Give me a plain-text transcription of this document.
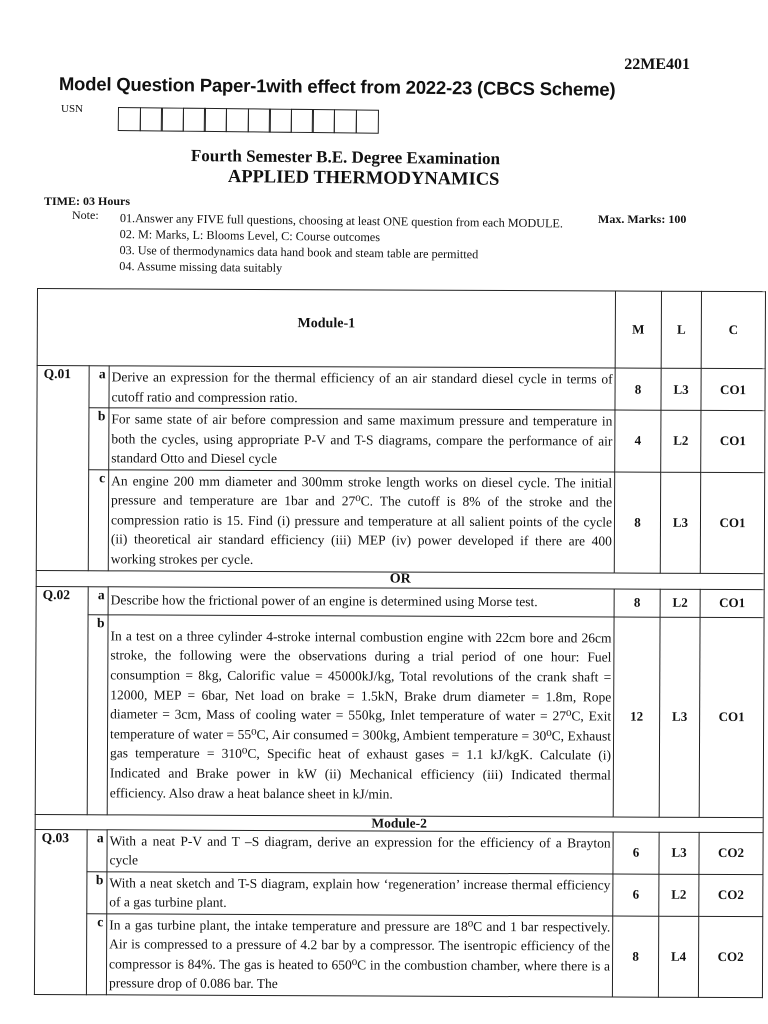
22ME401
Model Question Paper-1with effect from 2022-23 (CBCS Scheme)
USN
Fourth Semester B.E. Degree Examination
APPLIED THERMODYNAMICS
TIME: 03 Hours
Max. Marks: 100
Note: 01.Answer any FIVE full questions, choosing at least ONE question from each MODULE.
02. M: Marks, L: Blooms Level, C: Course outcomes
03. Use of thermodynamics data hand book and steam table are permitted
04. Assume missing data suitably
Module-1			M	L	C
Q.01	a	Derive an expression for the thermal efficiency of an air standard diesel cycle in terms of cutoff ratio and compression ratio.	8	L3	CO1
	b	For same state of air before compression and same maximum pressure and temperature in both the cycles, using appropriate P-V and T-S diagrams, compare the performance of air standard Otto and Diesel cycle	4	L2	CO1
	c	An engine 200 mm diameter and 300mm stroke length works on diesel cycle. The initial pressure and temperature are 1bar and 27⁰C. The cutoff is 8% of the stroke and the compression ratio is 15. Find (i) pressure and temperature at all salient points of the cycle (ii) theoretical air standard efficiency (iii) MEP (iv) power developed if there are 400 working strokes per cycle.	8	L3	CO1
OR					
Q.02	a	Describe how the frictional power of an engine is determined using Morse test.	8	L2	CO1
	b	In a test on a three cylinder 4-stroke internal combustion engine with 22cm bore and 26cm stroke, the following were the observations during a trial period of one hour: Fuel consumption = 8kg, Calorific value = 45000kJ/kg, Total revolutions of the crank shaft = 12000, MEP = 6bar, Net load on brake = 1.5kN, Brake drum diameter = 1.8m, Rope diameter = 3cm, Mass of cooling water = 550kg, Inlet temperature of water = 27⁰C, Exit temperature of water = 55⁰C, Air consumed = 300kg, Ambient temperature = 30⁰C, Exhaust gas temperature = 310⁰C, Specific heat of exhaust gases = 1.1 kJ/kgK. Calculate (i) Indicated and Brake power in kW (ii) Mechanical efficiency (iii) Indicated thermal efficiency. Also draw a heat balance sheet in kJ/min.	12	L3	CO1
Module-2					
Q.03	a	With a neat P-V and T –S diagram, derive an expression for the efficiency of a Brayton cycle	6	L3	CO2
	b	With a neat sketch and T-S diagram, explain how ‘regeneration’ increase thermal efficiency of a gas turbine plant.	6	L2	CO2
	c	In a gas turbine plant, the intake temperature and pressure are 18⁰C and 1 bar respectively. Air is compressed to a pressure of 4.2 bar by a compressor. The isentropic efficiency of the compressor is 84%. The gas is heated to 650⁰C in the combustion chamber, where there is a pressure drop of 0.086 bar. The	8	L4	CO2
